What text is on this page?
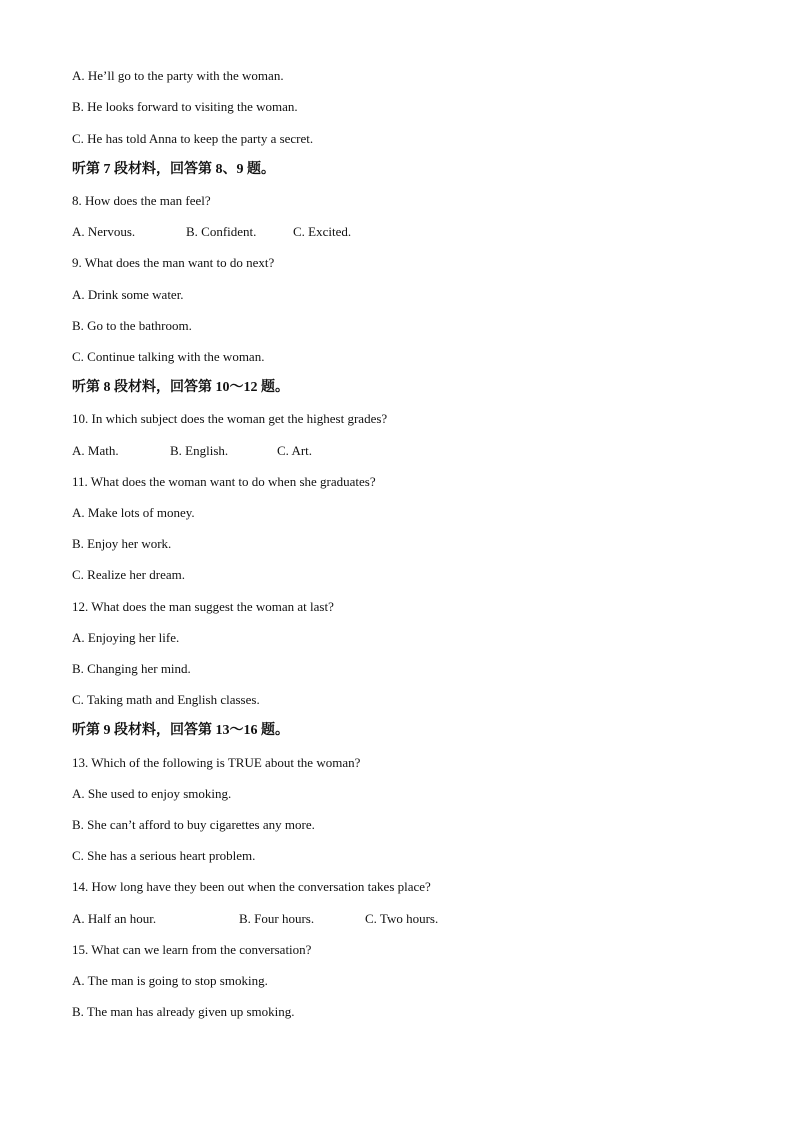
A. He’ll go to the party with the woman.
B. He looks forward to visiting the woman.
C. He has told Anna to keep the party a secret.
听第 7 段材料，回答第 8、9 题。
8. How does the man feel?
A. Nervous.	B. Confident.	C. Excited.
9. What does the man want to do next?
A. Drink some water.
B. Go to the bathroom.
C. Continue talking with the woman.
听第 8 段材料，回答第 10～12 题。
10. In which subject does the woman get the highest grades?
A. Math.	B. English.	C. Art.
11. What does the woman want to do when she graduates?
A. Make lots of money.
B. Enjoy her work.
C. Realize her dream.
12. What does the man suggest the woman at last?
A. Enjoying her life.
B. Changing her mind.
C. Taking math and English classes.
听第 9 段材料，回答第 13～16 题。
13. Which of the following is TRUE about the woman?
A. She used to enjoy smoking.
B. She can’t afford to buy cigarettes any more.
C. She has a serious heart problem.
14. How long have they been out when the conversation takes place?
A. Half an hour.	B. Four hours.	C. Two hours.
15. What can we learn from the conversation?
A. The man is going to stop smoking.
B. The man has already given up smoking.
